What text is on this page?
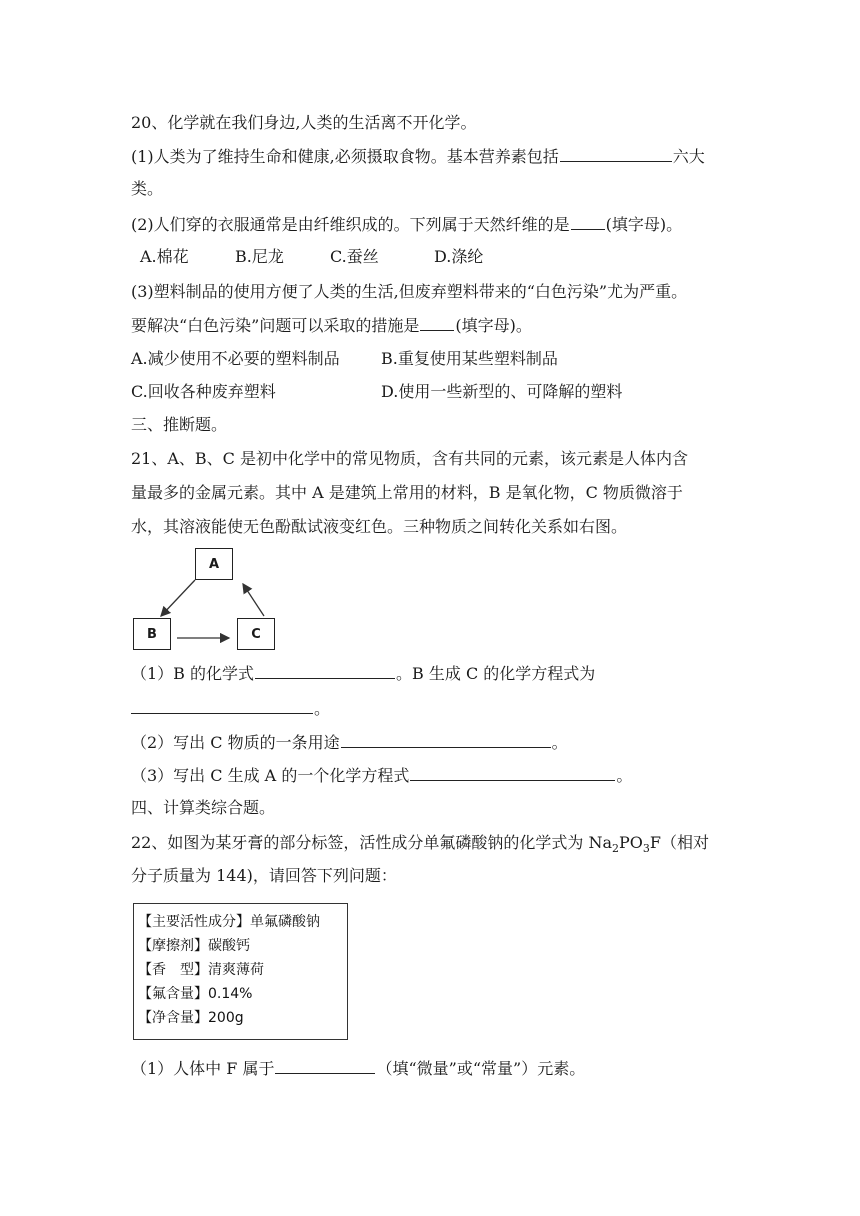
20、化学就在我们身边,人类的生活离不开化学。
(1)人类为了维持生命和健康,必须摄取食物。基本营养素包括	六大
类。
(2)人们穿的衣服通常是由纤维织成的。下列属于天然纤维的是 (填字母)。
A.棉花	B.尼龙	C.蚕丝	D.涤纶
(3)塑料制品的使用方便了人类的生活,但废弃塑料带来的“白色污染”尤为严重。
要解决“白色污染”问题可以采取的措施是 (填字母)。
A.减少使用不必要的塑料制品	B.重复使用某些塑料制品
C.回收各种废弃塑料	D.使用一些新型的、可降解的塑料
三、推断题。
21、A、B、C 是初中化学中的常见物质，含有共同的元素，该元素是人体内含
量最多的金属元素。其中 A 是建筑上常用的材料，B 是氧化物，C 物质微溶于
水，其溶液能使无色酚酞试液变红色。三种物质之间转化关系如右图。
A
B	C
（1）B 的化学式	。B 生成 C 的化学方程式为
。
（2）写出 C 物质的一条用途	。
（3）写出 C 生成 A 的一个化学方程式	。
四、计算类综合题。
22、如图为某牙膏的部分标签，活性成分单氟磷酸钠的化学式为 $Na_2PO_3F$（相对
分子质量为 144)，请回答下列问题：
【主要活性成分】单氟磷酸钠
【摩擦剂】碳酸钙
【香　型】清爽薄荷
【氟含量】0.14%
【净含量】200g
（1）人体中 F 属于	（填“微量”或“常量”）元素。
